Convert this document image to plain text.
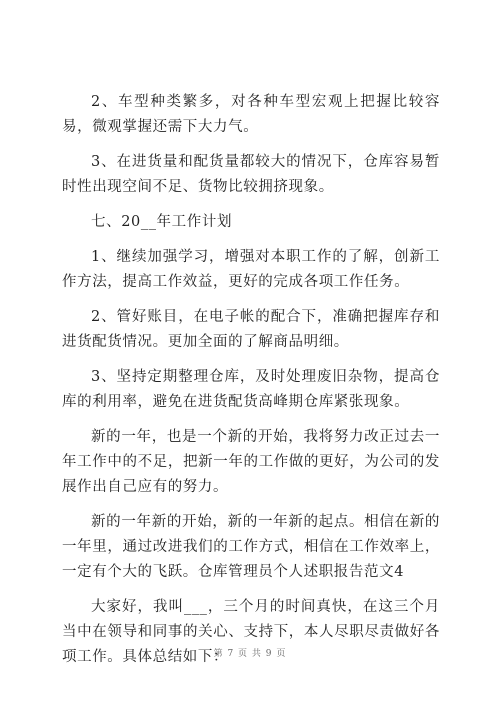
2、车型种类繁多，对各种车型宏观上把握比较容易，微观掌握还需下大力气。

3、在进货量和配货量都较大的情况下，仓库容易暂时性出现空间不足、货物比较拥挤现象。

七、20__年工作计划

1、继续加强学习，增强对本职工作的了解，创新工作方法，提高工作效益，更好的完成各项工作任务。

2、管好账目，在电子帐的配合下，准确把握库存和进货配货情况。更加全面的了解商品明细。

3、坚持定期整理仓库，及时处理废旧杂物，提高仓库的利用率，避免在进货配货高峰期仓库紧张现象。

新的一年，也是一个新的开始，我将努力改正过去一年工作中的不足，把新一年的工作做的更好，为公司的发展作出自己应有的努力。

新的一年新的开始，新的一年新的起点。相信在新的一年里，通过改进我们的工作方式，相信在工作效率上，一定有个大的飞跃。仓库管理员个人述职报告范文4

大家好，我叫___，三个月的时间真快，在这三个月当中在领导和同事的关心、支持下，本人尽职尽责做好各项工作。具体总结如下：

第 7 页 共 9 页
